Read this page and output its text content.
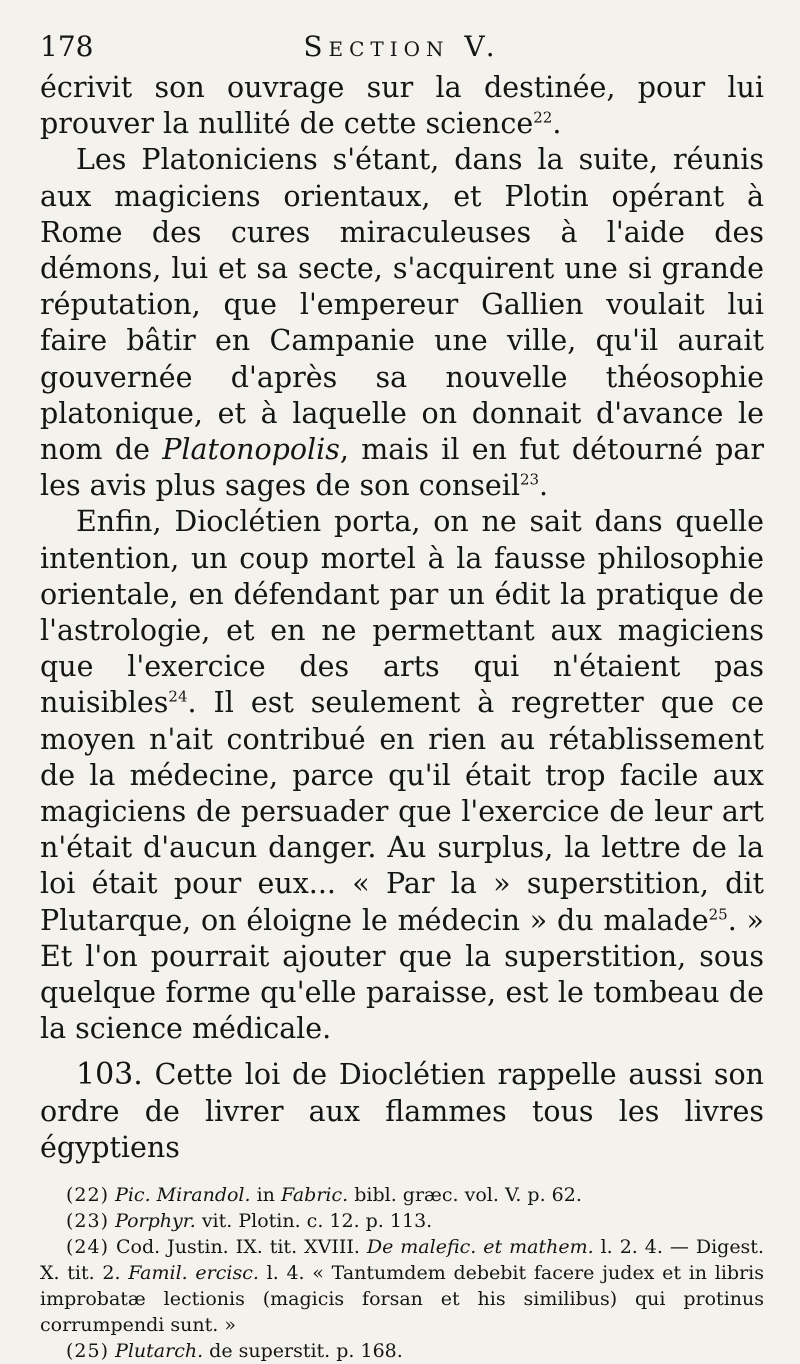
178	Section V.

écrivit son ouvrage sur la destinée, pour lui prouver la nullité de cette science$^{22}$.

Les Platoniciens s'étant, dans la suite, réunis aux magiciens orientaux, et Plotin opérant à Rome des cures miraculeuses à l'aide des démons, lui et sa secte, s'acquirent une si grande réputation, que l'empereur Gallien voulait lui faire bâtir en Campanie une ville, qu'il aurait gouvernée d'après sa nouvelle théosophie platonique, et à laquelle on donnait d'avance le nom de Platonopolis, mais il en fut détourné par les avis plus sages de son conseil$^{23}$.

Enfin, Dioclétien porta, on ne sait dans quelle intention, un coup mortel à la fausse philosophie orientale, en défendant par un édit la pratique de l'astrologie, et en ne permettant aux magiciens que l'exercice des arts qui n'étaient pas nuisibles$^{24}$. Il est seulement à regretter que ce moyen n'ait contribué en rien au rétablissement de la médecine, parce qu'il était trop facile aux magiciens de persuader que l'exercice de leur art n'était d'aucun danger. Au surplus, la lettre de la loi était pour eux... « Par la » superstition, dit Plutarque, on éloigne le médecin » du malade$^{25}$. » Et l'on pourrait ajouter que la superstition, sous quelque forme qu'elle paraisse, est le tombeau de la science médicale.

103. Cette loi de Dioclétien rappelle aussi son ordre de livrer aux flammes tous les livres égyptiens

(22) Pic. Mirandol. in Fabric. bibl. græc. vol. V. p. 62.

(23) Porphyr. vit. Plotin. c. 12. p. 113.

(24) Cod. Justin. IX. tit. XVIII. De malefic. et mathem. l. 2. 4. — Digest. X. tit. 2. Famil. ercisc. l. 4. « Tantumdem debebit facere judex et in libris improbatæ lectionis (magicis forsan et his similibus) qui protinus corrumpendi sunt. »

(25) Plutarch. de superstit. p. 168.
